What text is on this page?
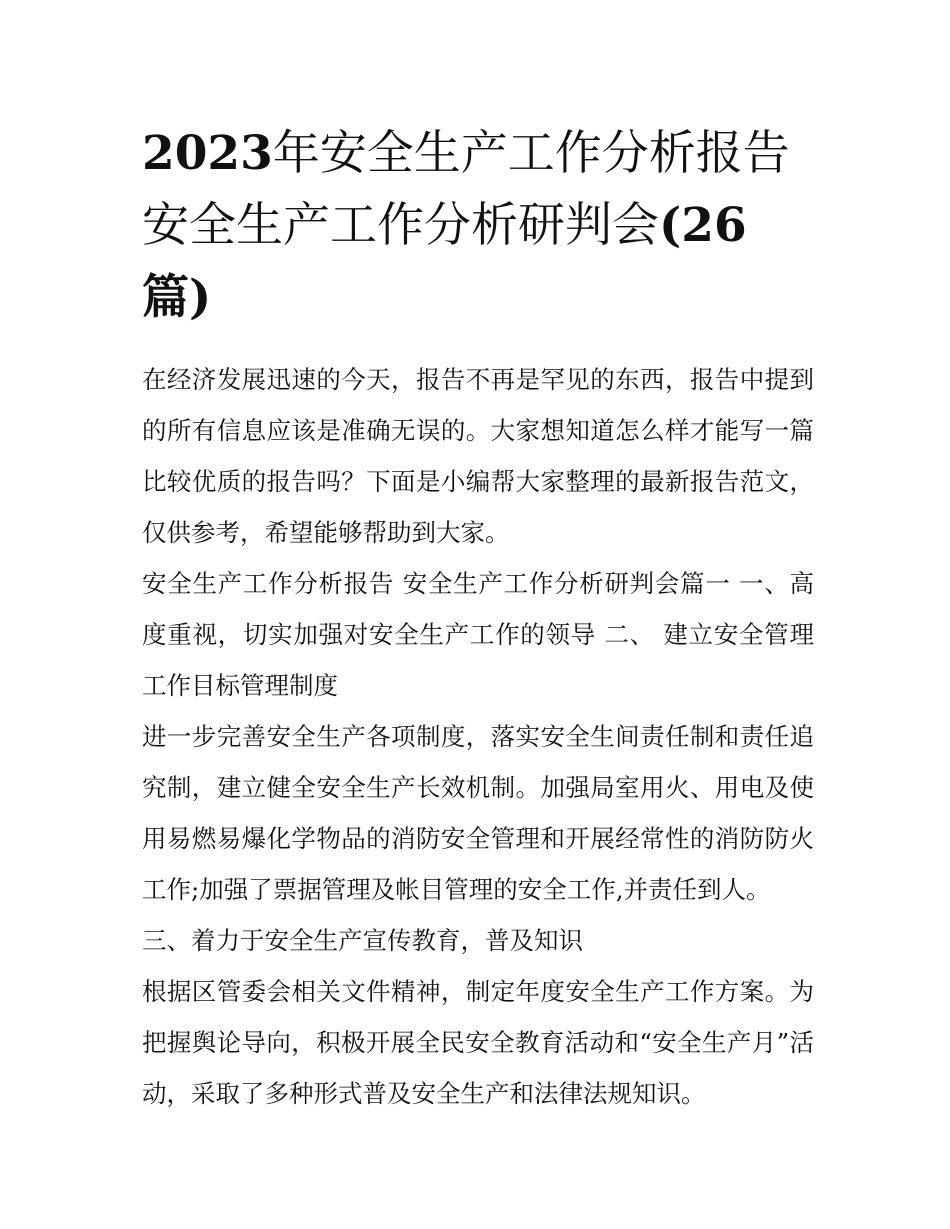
2023年安全生产工作分析报告安全生产工作分析研判会(26篇)

在经济发展迅速的今天，报告不再是罕见的东西，报告中提到的所有信息应该是准确无误的。大家想知道怎么样才能写一篇比较优质的报告吗？下面是小编帮大家整理的最新报告范文，仅供参考，希望能够帮助到大家。

安全生产工作分析报告 安全生产工作分析研判会篇一 一、高度重视，切实加强对安全生产工作的领导 二、 建立安全管理工作目标管理制度

进一步完善安全生产各项制度，落实安全生间责任制和责任追究制，建立健全安全生产长效机制。加强局室用火、用电及使用易燃易爆化学物品的消防安全管理和开展经常性的消防防火工作;加强了票据管理及帐目管理的安全工作,并责任到人。

三、着力于安全生产宣传教育，普及知识

根据区管委会相关文件精神，制定年度安全生产工作方案。为把握舆论导向，积极开展全民安全教育活动和“安全生产月”活动，采取了多种形式普及安全生产和法律法规知识。
